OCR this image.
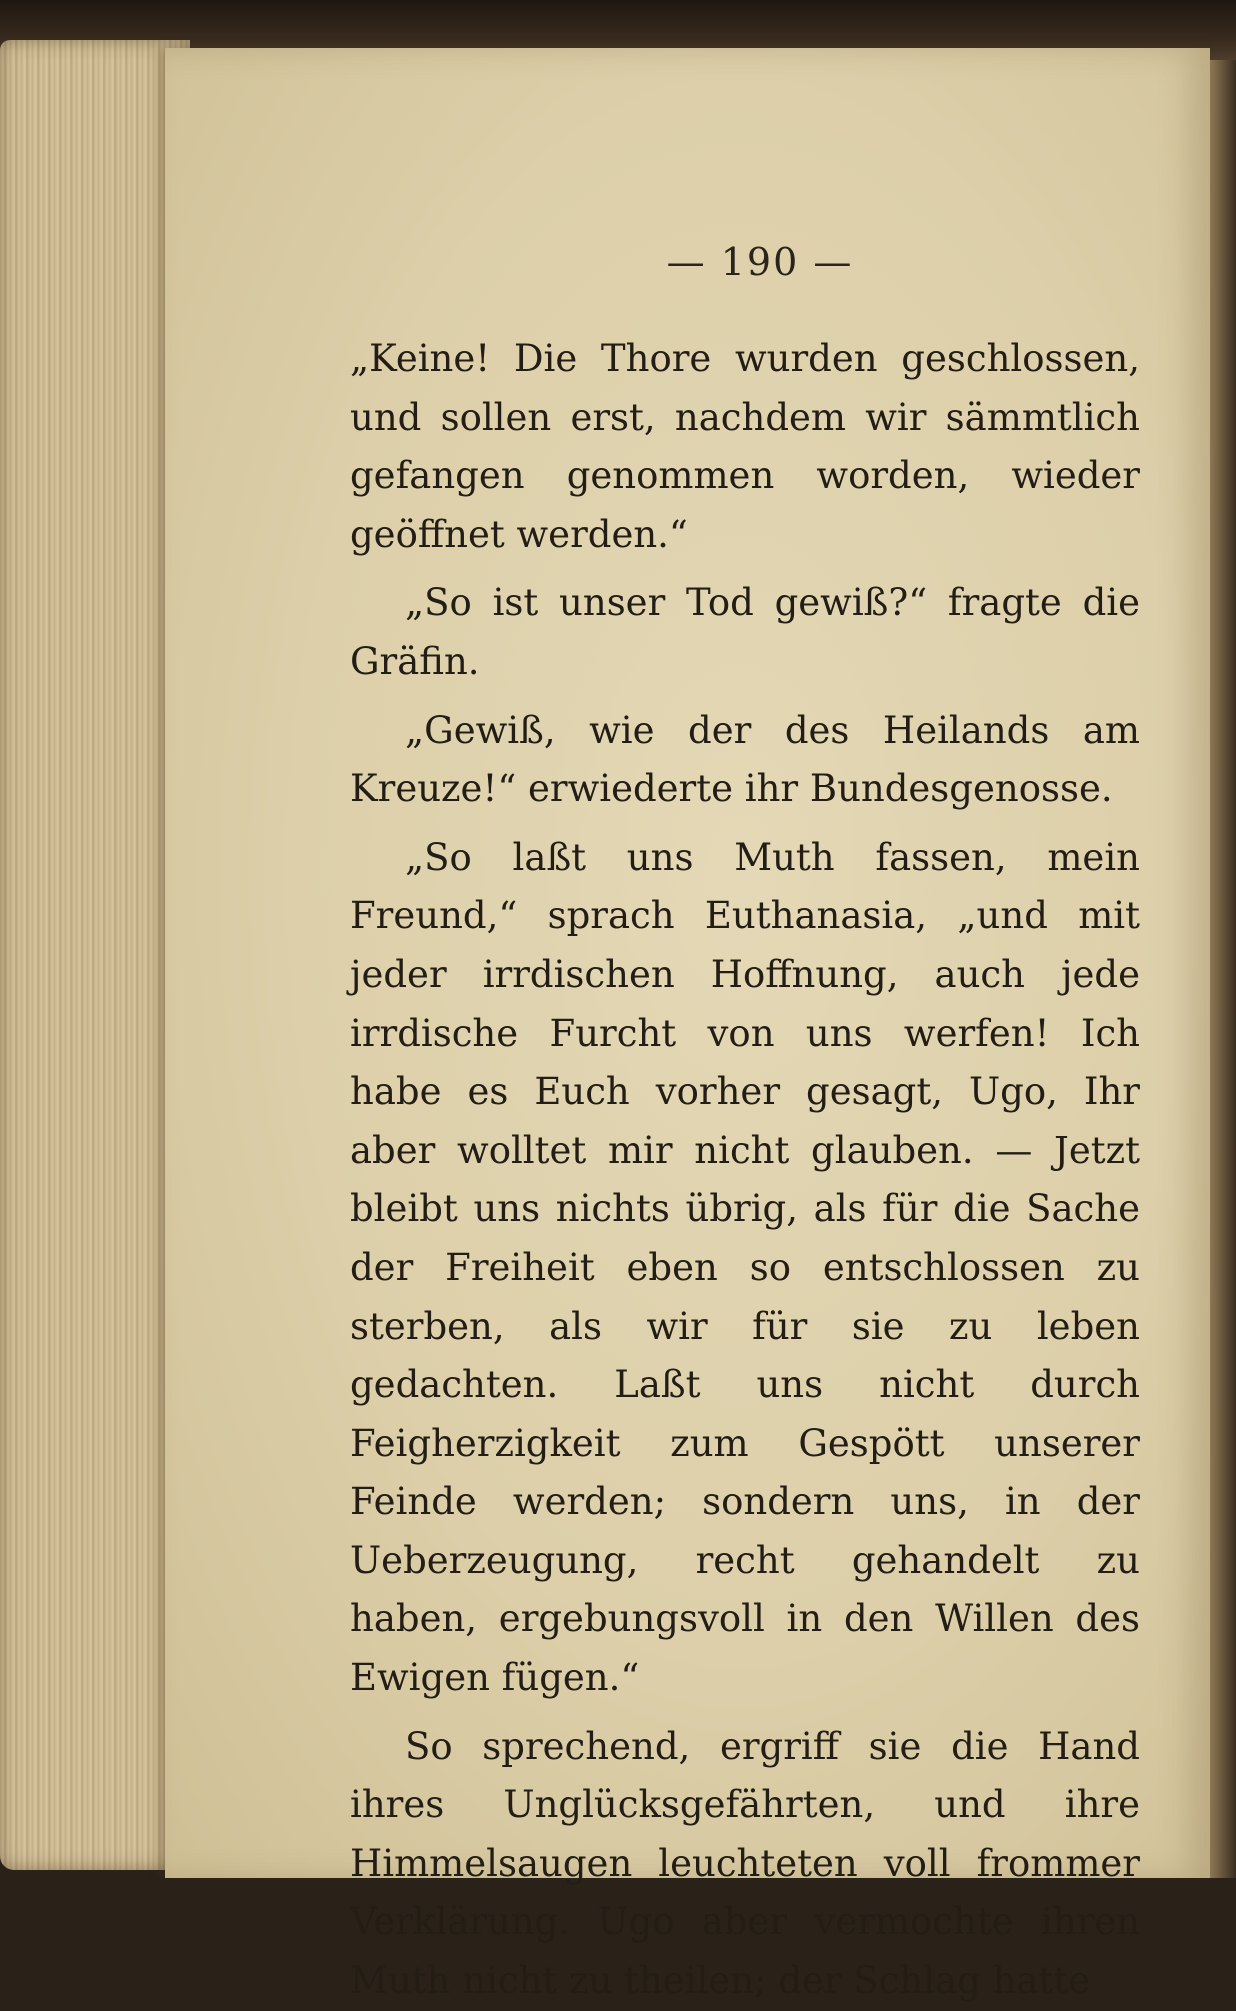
— 190 —

„Keine! Die Thore wurden geschlossen, und sollen erst, nachdem wir sämmtlich gefangen genommen worden, wieder geöffnet werden.“

„So ist unser Tod gewiß?“ fragte die Gräfin.

„Gewiß, wie der des Heilands am Kreuze!“ erwiederte ihr Bundesgenosse.

„So laßt uns Muth fassen, mein Freund,“ sprach Euthanasia, „und mit jeder irrdischen Hoffnung, auch jede irrdische Furcht von uns werfen! Ich habe es Euch vorher gesagt, Ugo, Ihr aber wolltet mir nicht glauben. — Jetzt bleibt uns nichts übrig, als für die Sache der Freiheit eben so entschlossen zu sterben, als wir für sie zu leben gedachten. Laßt uns nicht durch Feigherzigkeit zum Gespött unserer Feinde werden; sondern uns, in der Ueberzeugung, recht gehandelt zu haben, ergebungsvoll in den Willen des Ewigen fügen.“

So sprechend, ergriff sie die Hand ihres Unglücksgefährten, und ihre Himmelsaugen leuchteten voll frommer Verklärung. Ugo aber vermochte ihren Muth nicht zu theilen; der Schlag hatte
